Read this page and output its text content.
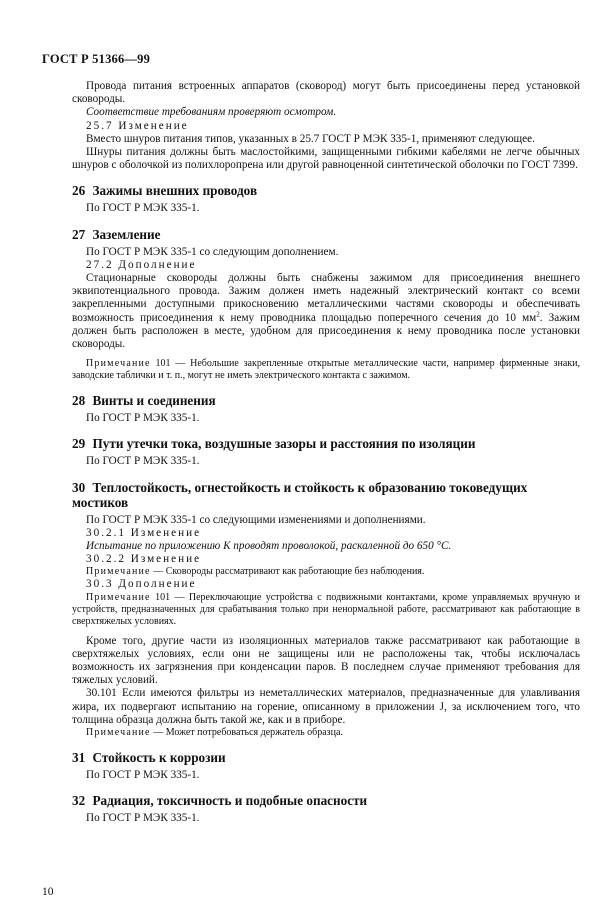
ГОСТ Р 51366—99

Провода питания встроенных аппаратов (сковород) могут быть присоединены перед установкой сковороды.

Соответствие требованиям проверяют осмотром.

25.7 Изменение

Вместо шнуров питания типов, указанных в 25.7 ГОСТ Р МЭК 335-1, применяют следующее.

Шнуры питания должны быть маслостойкими, защищенными гибкими кабелями не легче обычных шнуров с оболочкой из полихлоропрена или другой равноценной синтетической оболочки по ГОСТ 7399.

26 Зажимы внешних проводов

По ГОСТ Р МЭК 335-1.

27 Заземление

По ГОСТ Р МЭК 335-1 со следующим дополнением.

27.2 Дополнение

Стационарные сковороды должны быть снабжены зажимом для присоединения внешнего эквипотенциального провода. Зажим должен иметь надежный электрический контакт со всеми закрепленными доступными прикосновению металлическими частями сковороды и обеспечивать возможность присоединения к нему проводника площадью поперечного сечения до 10 $мм^2$. Зажим должен быть расположен в месте, удобном для присоединения к нему проводника после установки сковороды.

Примечание 101 — Небольшие закрепленные открытые металлические части, например фирменные знаки, заводские таблички и т. п., могут не иметь электрического контакта с зажимом.

28 Винты и соединения

По ГОСТ Р МЭК 335-1.

29 Пути утечки тока, воздушные зазоры и расстояния по изоляции

По ГОСТ Р МЭК 335-1.

30 Теплостойкость, огнестойкость и стойкость к образованию токоведущих мостиков

По ГОСТ Р МЭК 335-1 со следующими изменениями и дополнениями.

30.2.1 Изменение

Испытание по приложению К проводят проволокой, раскаленной до 650 °С.

30.2.2 Изменение

Примечание — Сковороды рассматривают как работающие без наблюдения.

30.3 Дополнение

Примечание 101 — Переключающие устройства с подвижными контактами, кроме управляемых вручную и устройств, предназначенных для срабатывания только при ненормальной работе, рассматривают как работающие в сверхтяжелых условиях.

Кроме того, другие части из изоляционных материалов также рассматривают как работающие в сверхтяжелых условиях, если они не защищены или не расположены так, чтобы исключалась возможность их загрязнения при конденсации паров. В последнем случае применяют требования для тяжелых условий.

30.101 Если имеются фильтры из неметаллических материалов, предназначенные для улавливания жира, их подвергают испытанию на горение, описанному в приложении J, за исключением того, что толщина образца должна быть такой же, как и в приборе.

Примечание — Может потребоваться держатель образца.

31 Стойкость к коррозии

По ГОСТ Р МЭК 335-1.

32 Радиация, токсичность и подобные опасности

По ГОСТ Р МЭК 335-1.

10
